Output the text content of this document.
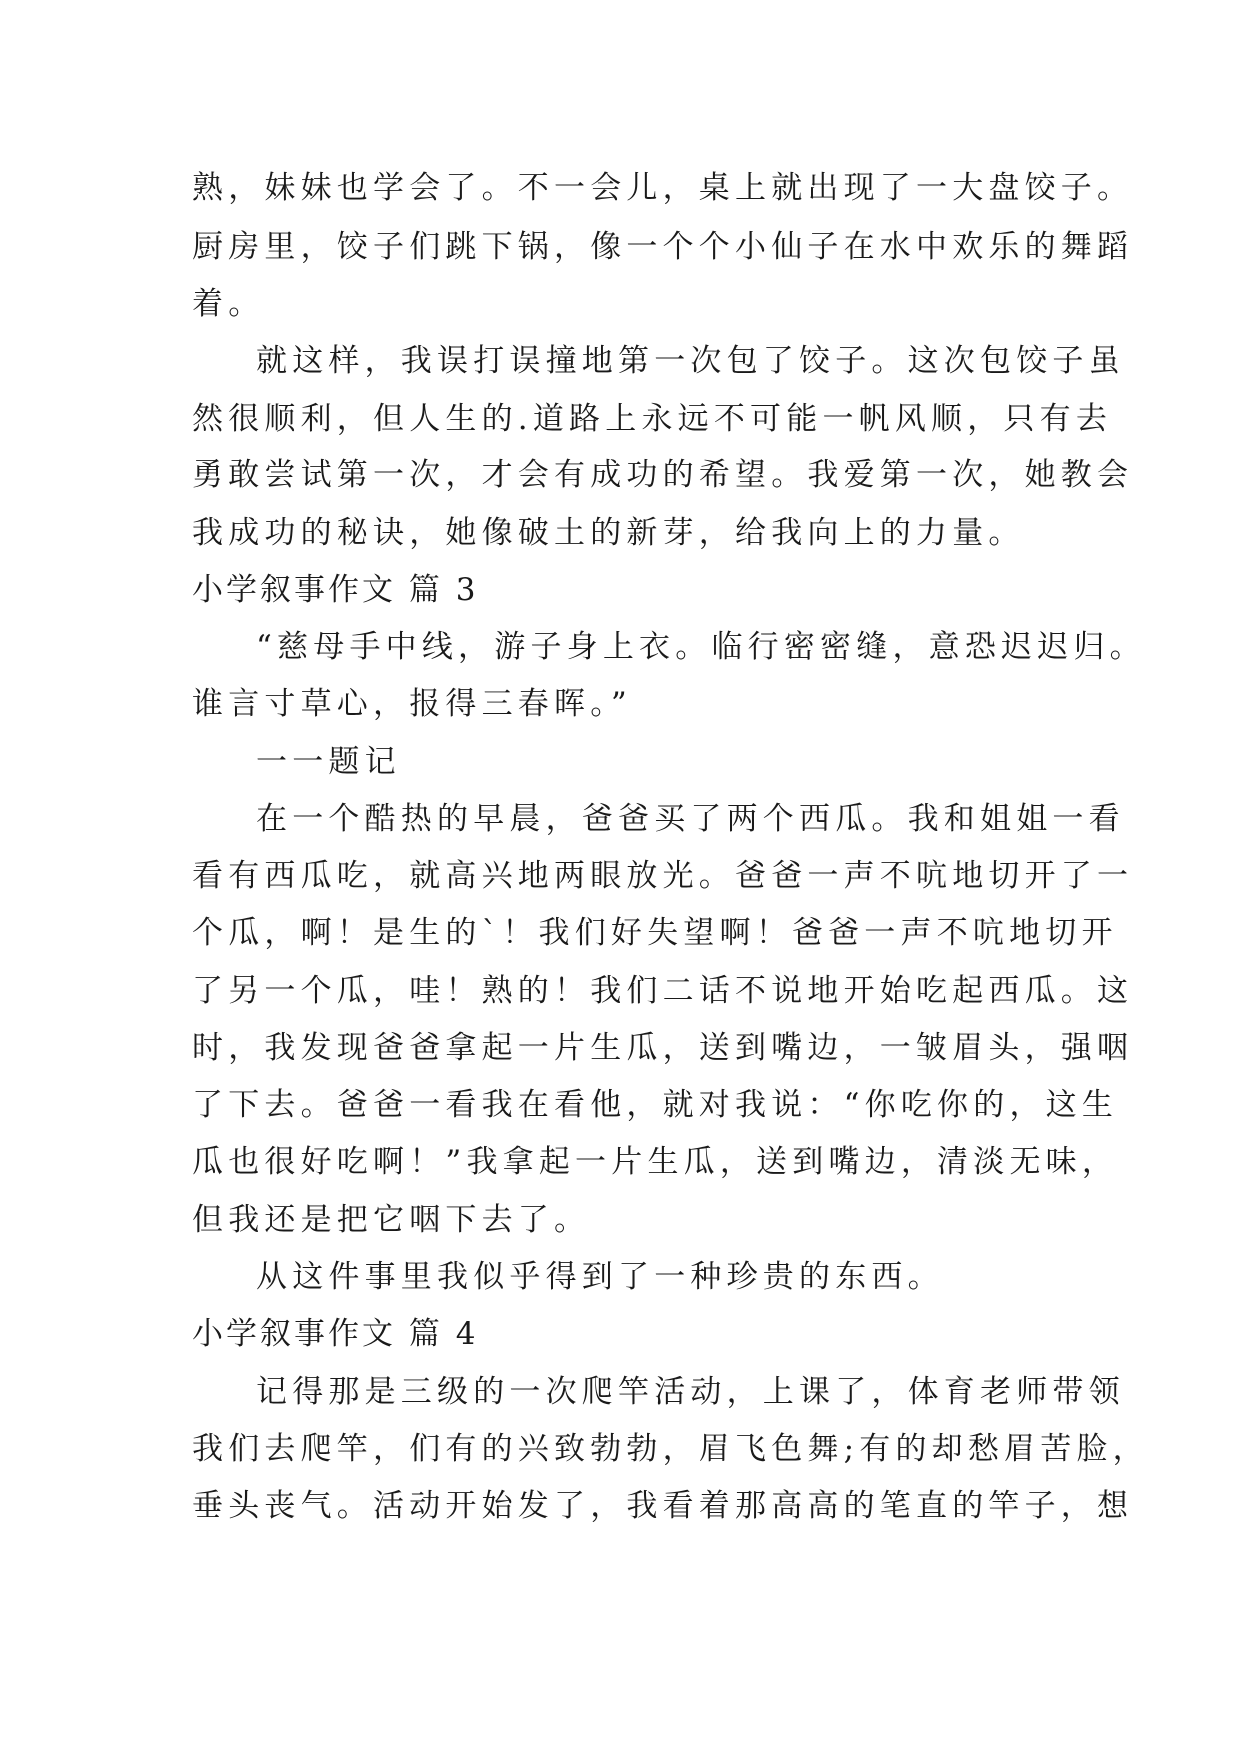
熟，妹妹也学会了。不一会儿，桌上就出现了一大盘饺子。

厨房里，饺子们跳下锅，像一个个小仙子在水中欢乐的舞蹈

着。

就这样，我误打误撞地第一次包了饺子。这次包饺子虽

然很顺利，但人生的.道路上永远不可能一帆风顺，只有去

勇敢尝试第一次，才会有成功的希望。我爱第一次，她教会

我成功的秘诀，她像破土的新芽，给我向上的力量。

小学叙事作文 篇 3

“慈母手中线，游子身上衣。临行密密缝，意恐迟迟归。

谁言寸草心，报得三春晖。”

一一题记

在一个酷热的早晨，爸爸买了两个西瓜。我和姐姐一看

看有西瓜吃，就高兴地两眼放光。爸爸一声不吭地切开了一

个瓜，啊！是生的`！我们好失望啊！爸爸一声不吭地切开

了另一个瓜，哇！熟的！我们二话不说地开始吃起西瓜。这

时，我发现爸爸拿起一片生瓜，送到嘴边，一皱眉头，强咽

了下去。爸爸一看我在看他，就对我说：“你吃你的，这生

瓜也很好吃啊！”我拿起一片生瓜，送到嘴边，清淡无味，

但我还是把它咽下去了。

从这件事里我似乎得到了一种珍贵的东西。

小学叙事作文 篇 4

记得那是三级的一次爬竿活动，上课了，体育老师带领

我们去爬竿，们有的兴致勃勃，眉飞色舞;有的却愁眉苦脸，

垂头丧气。活动开始发了，我看着那高高的笔直的竿子，想
